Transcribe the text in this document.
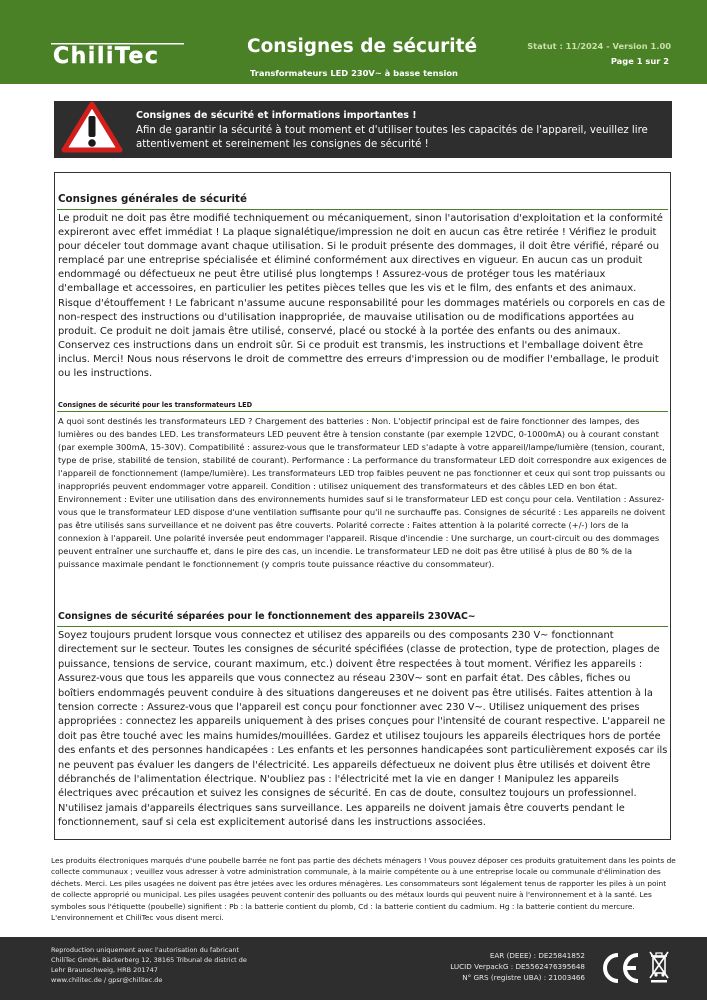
ChiliTec	Consignes de sécurité
Transformateurs LED 230V~ à basse tension
Statut : 11/2024 - Version 1.00
Page 1 sur 2
Consignes de sécurité et informations importantes !
Afin de garantir la sécurité à tout moment et d'utiliser toutes les capacités de l'appareil, veuillez lire attentivement et sereinement les consignes de sécurité !
Consignes générales de sécurité
Le produit ne doit pas être modifié techniquement ou mécaniquement, sinon l'autorisation d'exploitation et la conformité expireront avec effet immédiat ! La plaque signalétique/impression ne doit en aucun cas être retirée ! Vérifiez le produit pour déceler tout dommage avant chaque utilisation. Si le produit présente des dommages, il doit être vérifié, réparé ou remplacé par une entreprise spécialisée et éliminé conformément aux directives en vigueur. En aucun cas un produit endommagé ou défectueux ne peut être utilisé plus longtemps ! Assurez-vous de protéger tous les matériaux d'emballage et accessoires, en particulier les petites pièces telles que les vis et le film, des enfants et des animaux. Risque d'étouffement ! Le fabricant n'assume aucune responsabilité pour les dommages matériels ou corporels en cas de non-respect des instructions ou d'utilisation inappropriée, de mauvaise utilisation ou de modifications apportées au produit. Ce produit ne doit jamais être utilisé, conservé, placé ou stocké à la portée des enfants ou des animaux. Conservez ces instructions dans un endroit sûr. Si ce produit est transmis, les instructions et l'emballage doivent être inclus. Merci! Nous nous réservons le droit de commettre des erreurs d'impression ou de modifier l'emballage, le produit ou les instructions.
Consignes de sécurité pour les transformateurs LED
A quoi sont destinés les transformateurs LED ? Chargement des batteries : Non. L'objectif principal est de faire fonctionner des lampes, des lumières ou des bandes LED. Les transformateurs LED peuvent être à tension constante (par exemple 12VDC, 0-1000mA) ou à courant constant (par exemple 300mA, 15-30V). Compatibilité : assurez-vous que le transformateur LED s'adapte à votre appareil/lampe/lumière (tension, courant, type de prise, stabilité de tension, stabilité de courant). Performance : La performance du transformateur LED doit correspondre aux exigences de l'appareil de fonctionnement (lampe/lumière). Les transformateurs LED trop faibles peuvent ne pas fonctionner et ceux qui sont trop puissants ou inappropriés peuvent endommager votre appareil. Condition : utilisez uniquement des transformateurs et des câbles LED en bon état. Environnement : Eviter une utilisation dans des environnements humides sauf si le transformateur LED est conçu pour cela. Ventilation : Assurez-vous que le transformateur LED dispose d'une ventilation suffisante pour qu'il ne surchauffe pas. Consignes de sécurité : Les appareils ne doivent pas être utilisés sans surveillance et ne doivent pas être couverts. Polarité correcte : Faites attention à la polarité correcte (+/-) lors de la connexion à l'appareil. Une polarité inversée peut endommager l'appareil. Risque d'incendie : Une surcharge, un court-circuit ou des dommages peuvent entraîner une surchauffe et, dans le pire des cas, un incendie. Le transformateur LED ne doit pas être utilisé à plus de 80 % de la puissance maximale pendant le fonctionnement (y compris toute puissance réactive du consommateur).
Consignes de sécurité séparées pour le fonctionnement des appareils 230VAC~
Soyez toujours prudent lorsque vous connectez et utilisez des appareils ou des composants 230 V~ fonctionnant directement sur le secteur. Toutes les consignes de sécurité spécifiées (classe de protection, type de protection, plages de puissance, tensions de service, courant maximum, etc.) doivent être respectées à tout moment. Vérifiez les appareils : Assurez-vous que tous les appareils que vous connectez au réseau 230V~ sont en parfait état. Des câbles, fiches ou boîtiers endommagés peuvent conduire à des situations dangereuses et ne doivent pas être utilisés. Faites attention à la tension correcte : Assurez-vous que l'appareil est conçu pour fonctionner avec 230 V~. Utilisez uniquement des prises appropriées : connectez les appareils uniquement à des prises conçues pour l'intensité de courant respective. L'appareil ne doit pas être touché avec les mains humides/mouillées. Gardez et utilisez toujours les appareils électriques hors de portée des enfants et des personnes handicapées : Les enfants et les personnes handicapées sont particulièrement exposés car ils ne peuvent pas évaluer les dangers de l'électricité. Les appareils défectueux ne doivent plus être utilisés et doivent être débranchés de l'alimentation électrique. N'oubliez pas : l'électricité met la vie en danger ! Manipulez les appareils électriques avec précaution et suivez les consignes de sécurité. En cas de doute, consultez toujours un professionnel. N'utilisez jamais d'appareils électriques sans surveillance. Les appareils ne doivent jamais être couverts pendant le fonctionnement, sauf si cela est explicitement autorisé dans les instructions associées.
Les produits électroniques marqués d'une poubelle barrée ne font pas partie des déchets ménagers ! Vous pouvez déposer ces produits gratuitement dans les points de collecte communaux ; veuillez vous adresser à votre administration communale, à la mairie compétente ou à une entreprise locale ou communale d'élimination des déchets. Merci. Les piles usagées ne doivent pas être jetées avec les ordures ménagères. Les consommateurs sont légalement tenus de rapporter les piles à un point de collecte approprié ou municipal. Les piles usagées peuvent contenir des polluants ou des métaux lourds qui peuvent nuire à l'environnement et à la santé. Les symboles sous l'étiquette (poubelle) signifient : Pb : la batterie contient du plomb, Cd : la batterie contient du cadmium. Hg : la batterie contient du mercure. L'environnement et ChiliTec vous disent merci.
Reproduction uniquement avec l'autorisation du fabricant
ChiliTec GmbH, Bäckerberg 12, 38165 Tribunal de district de
Lehr Braunschweig, HRB 201747
www.chilitec.de / gpsr@chilitec.de
EAR (DEEE) : DE25841852
LUCID VerpackG : DE5562476395648
N° GRS (registre UBA) : 21003466
